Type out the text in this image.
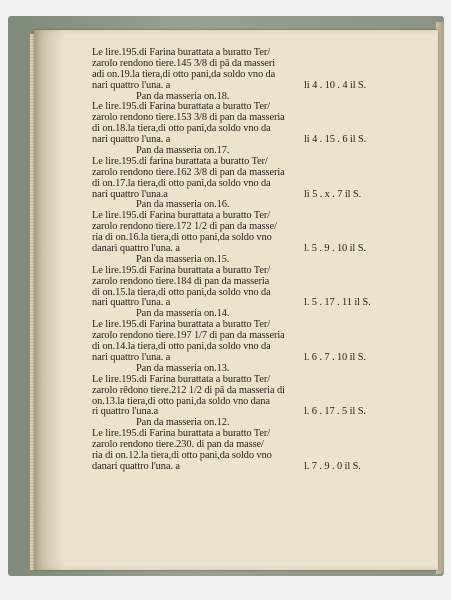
Le lire.195.di Farina burattata a buratto Ter/
zarolo rendono tiere.145 3/8 di pā da masseri
adi on.19.la tiera,di otto pani,da soldo vno da
nari quattro l'una. a	li 4 . 10 . 4 il S.
Pan da masseria on.18.
Le lire.195.di Farina burattata a buratto Ter/
zarolo rendono tiere.153 3/8 di pan da masseria
di on.18.la tiera,di otto pani,da soldo vno da
nari quattro l'una. a	li 4 . 15 . 6 il S.
Pan da masseria on.17.
Le lire.195.di farina burattata a buratto Ter/
zarolo rendono tiere.162 3/8 di pan da masseria
di on.17.la tiera,di otto pani,da soldo vno da
nari quattro l'una.a	li 5 . x . 7 il S.
Pan da masseria on.16.
Le lire.195.di Farina burattata a buratto Ter/
zarolo rendono tiere.172 1/2 di pan da masse/
ria di on.16.la tiera,di otto pani,da soldo vno
danari quattro l'una. a	l. 5 . 9 . 10 il S.
Pan da masseria on.15.
Le lire.195.di Farina burattata a buratto Ter/
zarolo rendono tiere.184 di pan da masseria
di on.15.la tiera,di otto pani,da soldo vno da
nari quattro l'una. a	l. 5 . 17 . 11 il S.
Pan da masseria on.14.
Le lire.195.di Farina burattata a buratto Ter/
zarolo rendono tiere.197 1/7 di pan da masseria
di on.14.la tiera,di otto pani,da soldo vno da
nari quattro l'una. a	l. 6 . 7 . 10 il S.
Pan da masseria on.13.
Le lire.195.di Farina burattata a buratto Ter/
zarolo rēdono tiere.212 1/2 di pā da masseria di
on.13.la tiera,di otto pani,da soldo vno dana
ri quattro l'una.a	l. 6 . 17 . 5 il S.
Pan da masseria on.12.
Le lire.195.di Farina burattata a buratto Ter/
zarolo rendono tiere.230. di pan da masse/
ria di on.12.la tiera,di otto pani,da soldo vno
danari quattro l'una. a	l. 7 . 9 . 0 il S.
